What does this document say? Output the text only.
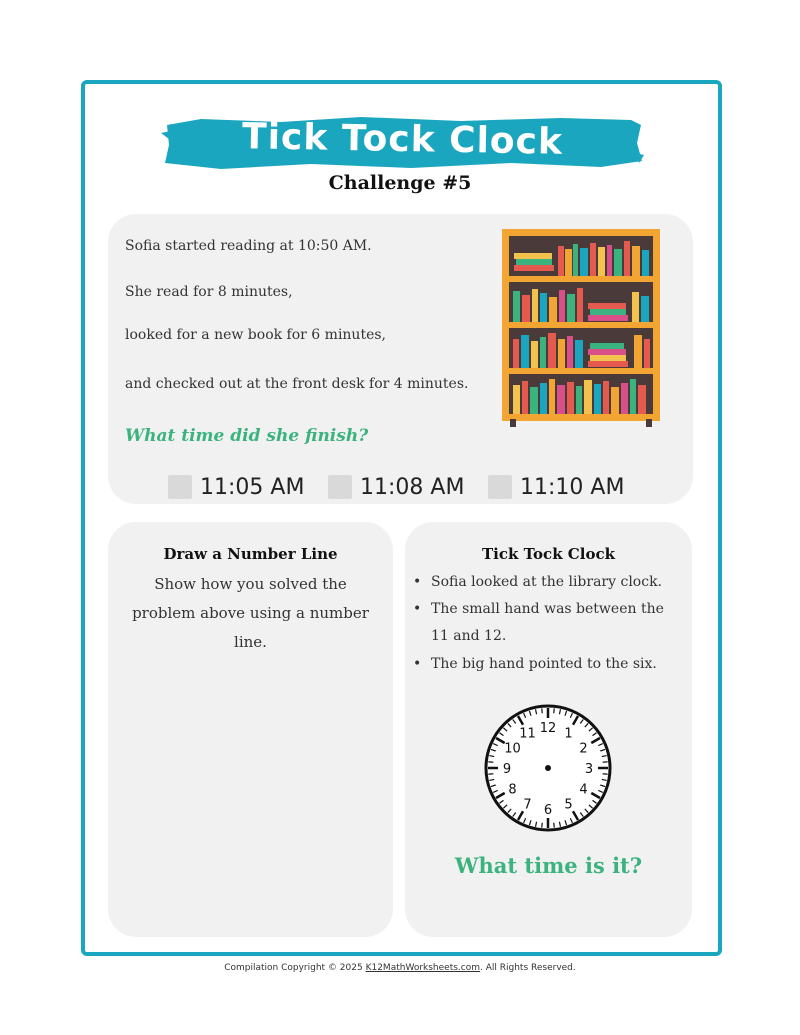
Tick Tock Clock
Challenge #5
Sofia started reading at 10:50 AM.
She read for 8 minutes,
looked for a new book for 6 minutes,
and checked out at the front desk for 4 minutes.
What time did she finish?
11:05 AM	11:08 AM	11:10 AM
Draw a Number Line
Show how you solved the
problem above using a number
line.
Tick Tock Clock
• Sofia looked at the library clock.
• The small hand was between the 11 and 12.
• The big hand pointed to the six.
12 1
2
3
4
5
6
7
8
9
10
11
What time is it?
Compilation Copyright © 2025 K12MathWorksheets.com. All Rights Reserved.
